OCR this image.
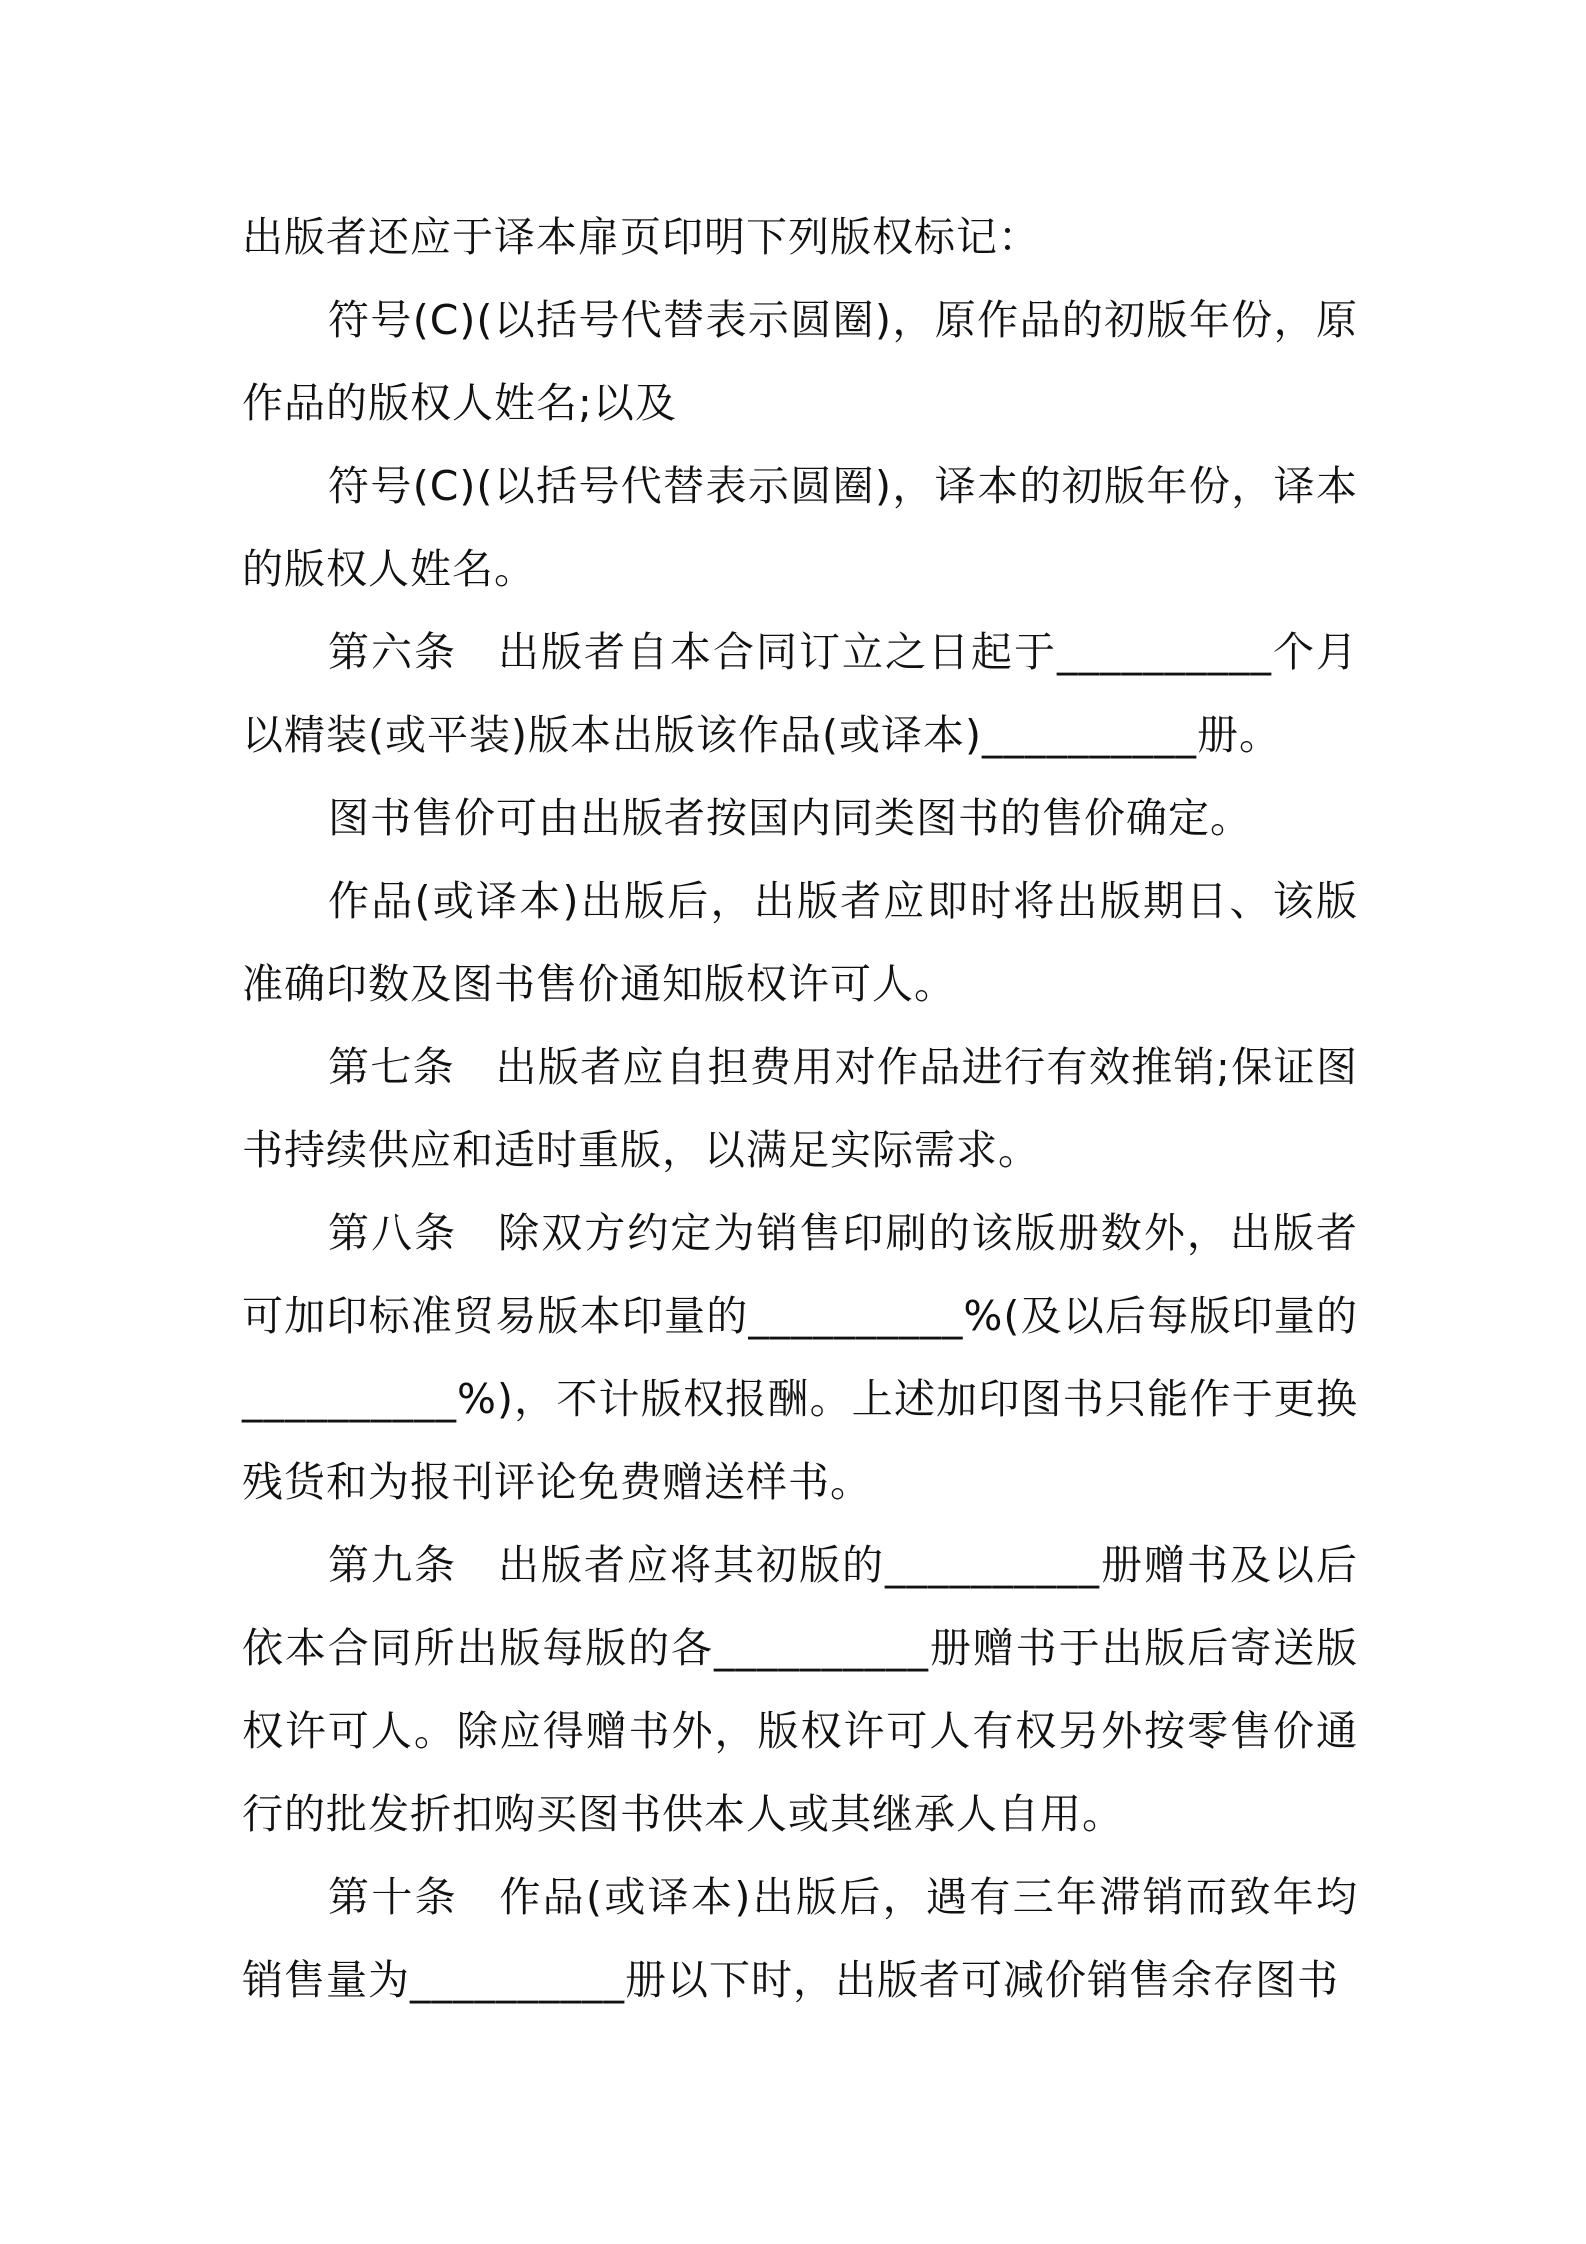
出版者还应于译本扉页印明下列版权标记：

符号(C)(以括号代替表示圆圈)，原作品的初版年份，原作品的版权人姓名;以及

符号(C)(以括号代替表示圆圈)，译本的初版年份，译本的版权人姓名。

第六条 出版者自本合同订立之日起于__________个月以精装(或平装)版本出版该作品(或译本)__________册。

图书售价可由出版者按国内同类图书的售价确定。

作品(或译本)出版后，出版者应即时将出版期日、该版准确印数及图书售价通知版权许可人。

第七条 出版者应自担费用对作品进行有效推销;保证图书持续供应和适时重版，以满足实际需求。

第八条 除双方约定为销售印刷的该版册数外，出版者可加印标准贸易版本印量的__________%(及以后每版印量的__________%)，不计版权报酬。上述加印图书只能作于更换残货和为报刊评论免费赠送样书。

第九条 出版者应将其初版的__________册赠书及以后依本合同所出版每版的各__________册赠书于出版后寄送版权许可人。除应得赠书外，版权许可人有权另外按零售价通行的批发折扣购买图书供本人或其继承人自用。

第十条 作品(或译本)出版后，遇有三年滞销而致年均销售量为__________册以下时，出版者可减价销售余存图书
